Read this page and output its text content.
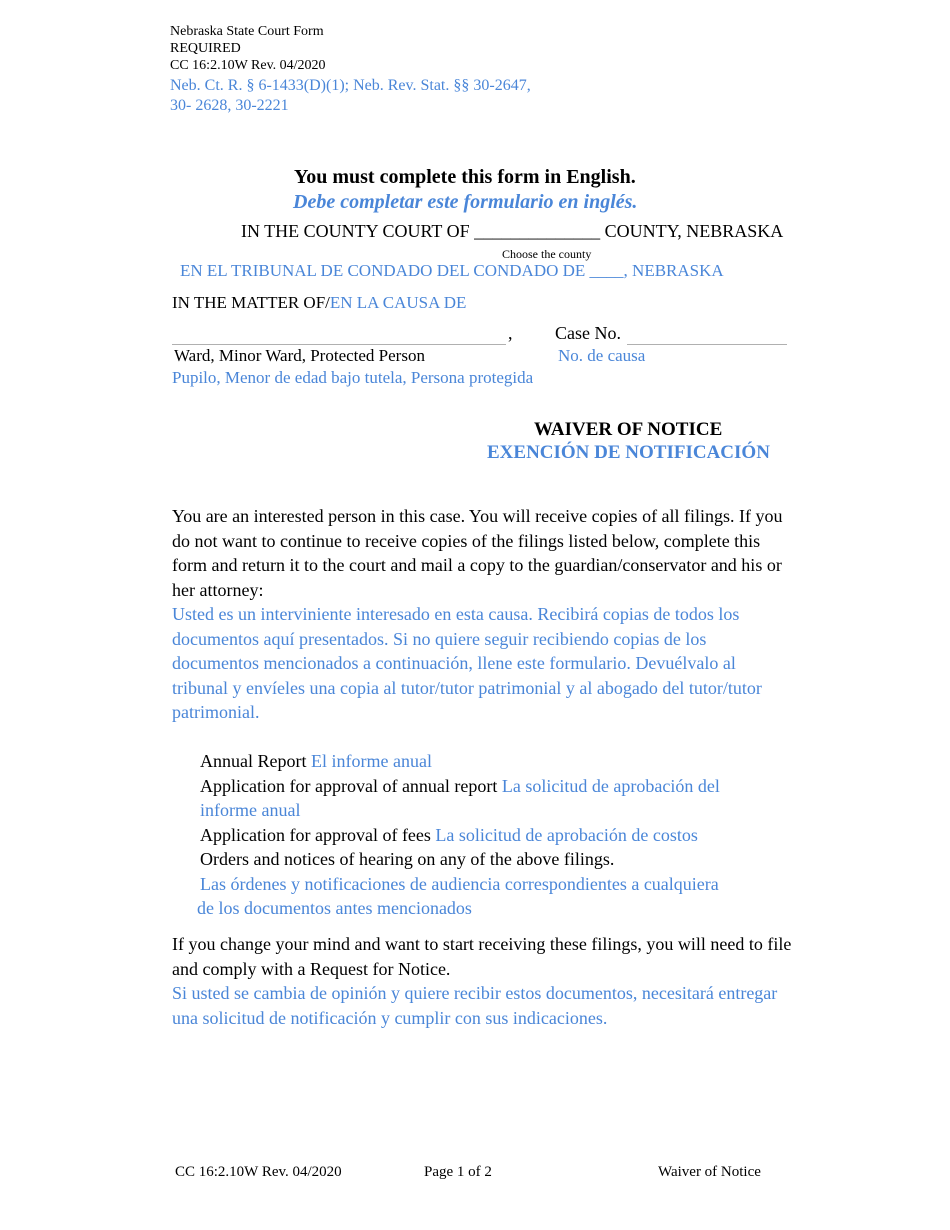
Nebraska State Court Form
REQUIRED
CC 16:2.10W Rev. 04/2020
Neb. Ct. R. § 6-1433(D)(1); Neb. Rev. Stat. §§ 30-2647,
30- 2628, 30-2221
You must complete this form in English.
Debe completar este formulario en inglés.
IN THE COUNTY COURT OF ______________ COUNTY, NEBRASKA
Choose the county
EN EL TRIBUNAL DE CONDADO DEL CONDADO DE ____, NEBRASKA
IN THE MATTER OF/EN LA CAUSA DE
, Case No.
Ward, Minor Ward, Protected Person	No. de causa
Pupilo, Menor de edad bajo tutela, Persona protegida
WAIVER OF NOTICE
EXENCIÓN DE NOTIFICACIÓN

You are an interested person in this case. You will receive copies of all filings. If you do not want to continue to receive copies of the filings listed below, complete this form and return it to the court and mail a copy to the guardian/conservator and his or her attorney:

Usted es un interviniente interesado en esta causa. Recibirá copias de todos los documentos aquí presentados. Si no quiere seguir recibiendo copias de los documentos mencionados a continuación, llene este formulario. Devuélvalo al tribunal y envíeles una copia al tutor/tutor patrimonial y al abogado del tutor/tutor patrimonial.

Annual Report El informe anual
Application for approval of annual report La solicitud de aprobación del informe anual
Application for approval of fees La solicitud de aprobación de costos
Orders and notices of hearing on any of the above filings.
Las órdenes y notificaciones de audiencia correspondientes a cualquiera
de los documentos antes mencionados

If you change your mind and want to start receiving these filings, you will need to file and comply with a Request for Notice.

Si usted se cambia de opinión y quiere recibir estos documentos, necesitará entregar una solicitud de notificación y cumplir con sus indicaciones.

CC 16:2.10W Rev. 04/2020	Page 1 of 2	Waiver of Notice
